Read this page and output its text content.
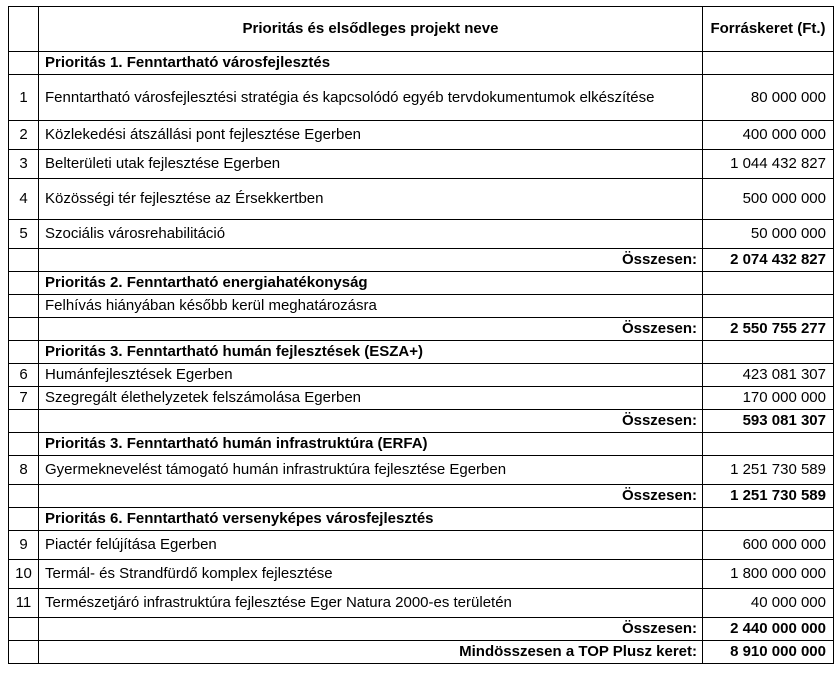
	Prioritás és elsődleges projekt neve	Forráskeret (Ft.)
	Prioritás 1. Fenntartható városfejlesztés	
1	Fenntartható városfejlesztési stratégia és kapcsolódó egyéb tervdokumentumok elkészítése	80 000 000
2	Közlekedési átszállási pont fejlesztése Egerben	400 000 000
3	Belterületi utak fejlesztése Egerben	1 044 432 827
4	Közösségi tér fejlesztése az Érsekkertben	500 000 000
5	Szociális városrehabilitáció	50 000 000
	Összesen:	2 074 432 827
	Prioritás 2. Fenntartható energiahatékonyság	
	Felhívás hiányában később kerül meghatározásra	
	Összesen:	2 550 755 277
	Prioritás 3. Fenntartható humán fejlesztések (ESZA+)	
6	Humánfejlesztések Egerben	423 081 307
7	Szegregált élethelyzetek felszámolása Egerben	170 000 000
	Összesen:	593 081 307
	Prioritás 3. Fenntartható humán infrastruktúra (ERFA)	
8	Gyermeknevelést támogató humán infrastruktúra fejlesztése Egerben	1 251 730 589
	Összesen:	1 251 730 589
	Prioritás 6. Fenntartható versenyképes városfejlesztés	
9	Piactér felújítása Egerben	600 000 000
10	Termál- és Strandfürdő komplex fejlesztése	1 800 000 000
11	Természetjáró infrastruktúra fejlesztése Eger Natura 2000-es területén	40 000 000
	Összesen:	2 440 000 000
	Mindösszesen a TOP Plusz keret:	8 910 000 000
